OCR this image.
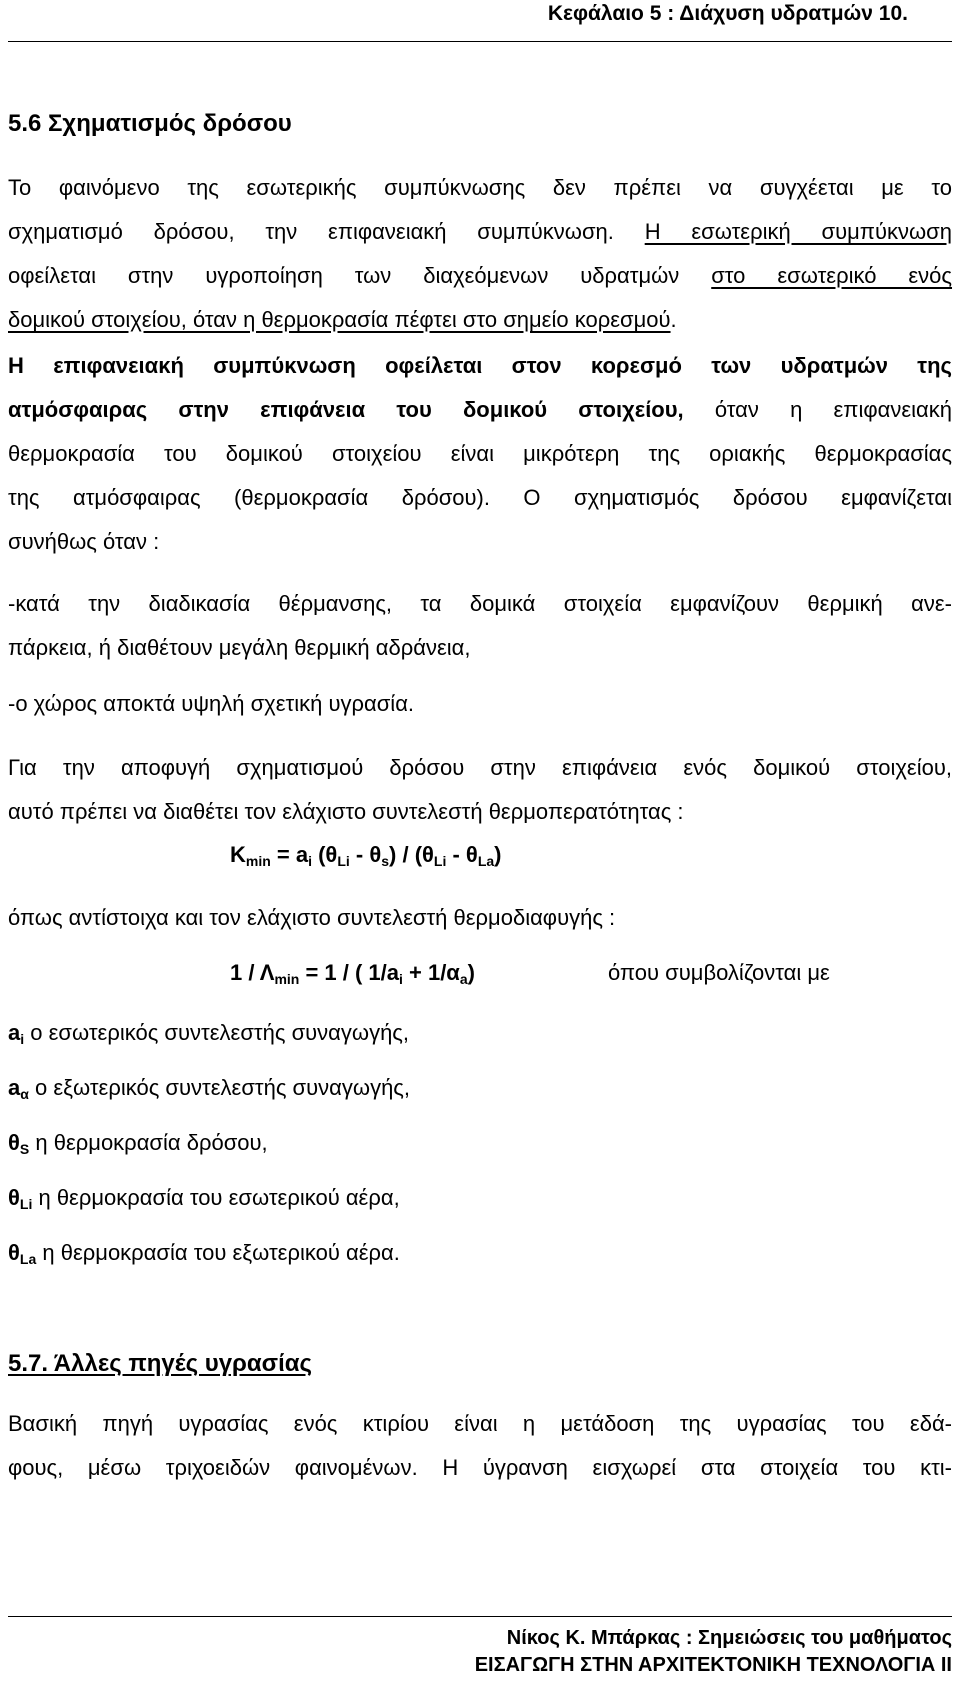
Κεφάλαιο 5 : Διάχυση υδρατμών 10.
5.6 Σχηματισμός δρόσου
Το φαινόμενο της εσωτερικής συμπύκνωσης δεν πρέπει να συγχέεται με το
σχηματισμό δρόσου, την επιφανειακή συμπύκνωση. Η εσωτερική συμπύκνωση
οφείλεται στην υγροποίηση των διαχεόμενων υδρατμών στο εσωτερικό ενός
δομικού στοιχείου, όταν η θερμοκρασία πέφτει στο σημείο κορεσμού.
Η επιφανειακή συμπύκνωση οφείλεται στον κορεσμό των υδρατμών της
ατμόσφαιρας στην επιφάνεια του δομικού στοιχείου, όταν η επιφανειακή
θερμοκρασία του δομικού στοιχείου είναι μικρότερη της οριακής θερμοκρασίας
της ατμόσφαιρας (θερμοκρασία δρόσου). Ο σχηματισμός δρόσου εμφανίζεται
συνήθως όταν :
-κατά την διαδικασία θέρμανσης, τα δομικά στοιχεία εμφανίζουν θερμική ανε-
πάρκεια, ή διαθέτουν μεγάλη θερμική αδράνεια,
-ο χώρος αποκτά υψηλή σχετική υγρασία.
Για την αποφυγή σχηματισμού δρόσου στην επιφάνεια ενός δομικού στοιχείου,
αυτό πρέπει να διαθέτει τον ελάχιστο συντελεστή θερμοπερατότητας :
$K_{min} = a_i$ $(\theta_{Li} - \theta_s) / (\theta_{Li} - \theta_{La})$
όπως αντίστοιχα και τον ελάχιστο συντελεστή θερμοδιαφυγής :
$1 / \Lambda_{min} = 1$ / ( $1/a_i + 1/\alpha_a$)	όπου συμβολίζονται με
$a_i$ ο εσωτερικός συντελεστής συναγωγής,
$a_\alpha$ ο εξωτερικός συντελεστής συναγωγής,
$\theta_S$ η θερμοκρασία δρόσου,
$\theta_{Li}$ η θερμοκρασία του εσωτερικού αέρα,
$\theta_{La}$ η θερμοκρασία του εξωτερικού αέρα.
5.7. Άλλες πηγές υγρασίας
Βασική πηγή υγρασίας ενός κτιρίου είναι η μετάδοση της υγρασίας του εδά-
φους, μέσω τριχοειδών φαινομένων. Η ύγρανση εισχωρεί στα στοιχεία του κτι-
Νίκος Κ. Μπάρκας : Σημειώσεις του μαθήματος
ΕΙΣΑΓΩΓΗ ΣΤΗΝ ΑΡΧΙΤΕΚΤΟΝΙΚΗ ΤΕΧΝΟΛΟΓΙΑ ΙΙ
